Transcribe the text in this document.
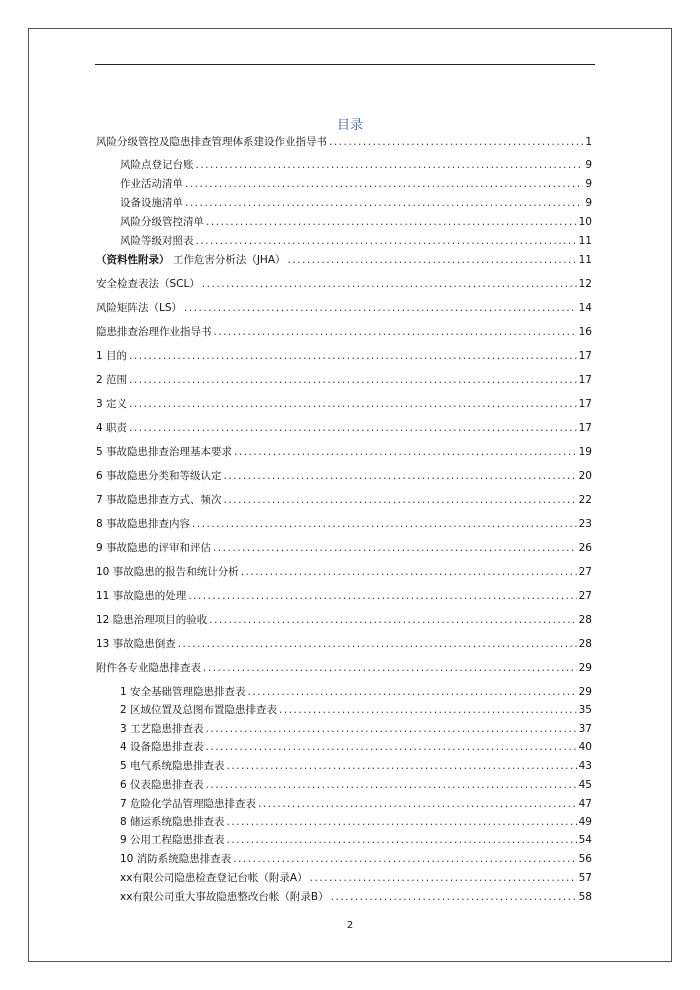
目录
风险分级管控及隐患排查管理体系建设作业指导书 .....	1
风险点登记台账 .....	9
作业活动清单 .....	9
设备设施清单 .....	9
风险分级管控清单 .....	10
风险等级对照表 .....	11
（资料性附录） 工作危害分析法（JHA） .....	11
安全检查表法（SCL） .....	12
风险矩阵法（LS） .....	14
隐患排查治理作业指导书 .....	16
1 目的 .....	17
2 范围 .....	17
3 定义 .....	17
4 职责 .....	17
5 事故隐患排查治理基本要求 .....	19
6 事故隐患分类和等级认定 .....	20
7 事故隐患排查方式、频次 .....	22
8 事故隐患排查内容 .....	23
9 事故隐患的评审和评估 .....	26
10 事故隐患的报告和统计分析 .....	27
11 事故隐患的处理 .....	27
12 隐患治理项目的验收 .....	28
13 事故隐患倒查 .....	28
附件各专业隐患排查表 .....	29
1 安全基础管理隐患排查表 .....	29
2 区域位置及总图布置隐患排查表 .....	35
3 工艺隐患排查表 .....	37
4 设备隐患排查表 .....	40
5 电气系统隐患排查表 .....	43
6 仪表隐患排查表 .....	45
7 危险化学品管理隐患排查表 .....	47
8 储运系统隐患排查表 .....	49
9 公用工程隐患排查表 .....	54
10 消防系统隐患排查表 .....	56
xx有限公司隐患检查登记台帐（附录A） .....	57
xx有限公司重大事故隐患整改台帐（附录B） .....	58
2
